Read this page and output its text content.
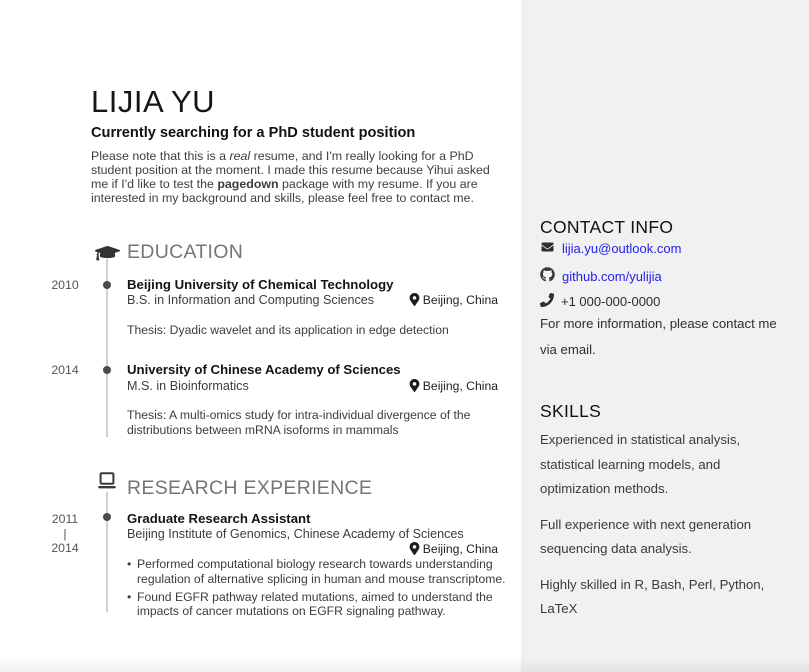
LIJIA YU
Currently searching for a PhD student position

Please note that this is a real resume, and I'm really looking for a PhD student position at the moment. I made this resume because Yihui asked me if I'd like to test the pagedown package with my resume. If you are interested in my background and skills, please feel free to contact me.

EDUCATION
2010	Beijing University of Chemical Technology
B.S. in Information and Computing Sciences	Beijing, China
Thesis: Dyadic wavelet and its application in edge detection
2014	University of Chinese Academy of Sciences
M.S. in Bioinformatics	Beijing, China
Thesis: A multi-omics study for intra-individual divergence of the distributions between mRNA isoforms in mammals
RESEARCH EXPERIENCE
2011
|
2014
Graduate Research Assistant
Beijing Institute of Genomics, Chinese Academy of Sciences
Beijing, China
• Performed computational biology research towards understanding regulation of alternative splicing in human and mouse transcriptome.
• Found EGFR pathway related mutations, aimed to understand the impacts of cancer mutations on EGFR signaling pathway.
CONTACT INFO
lijia.yu@outlook.com
github.com/yulijia
+1 000-000-0000

For more information, please contact me via email.

SKILLS

Experienced in statistical analysis, statistical learning models, and optimization methods.

Full experience with next generation sequencing data analysis.

Highly skilled in R, Bash, Perl, Python, LaTeX
